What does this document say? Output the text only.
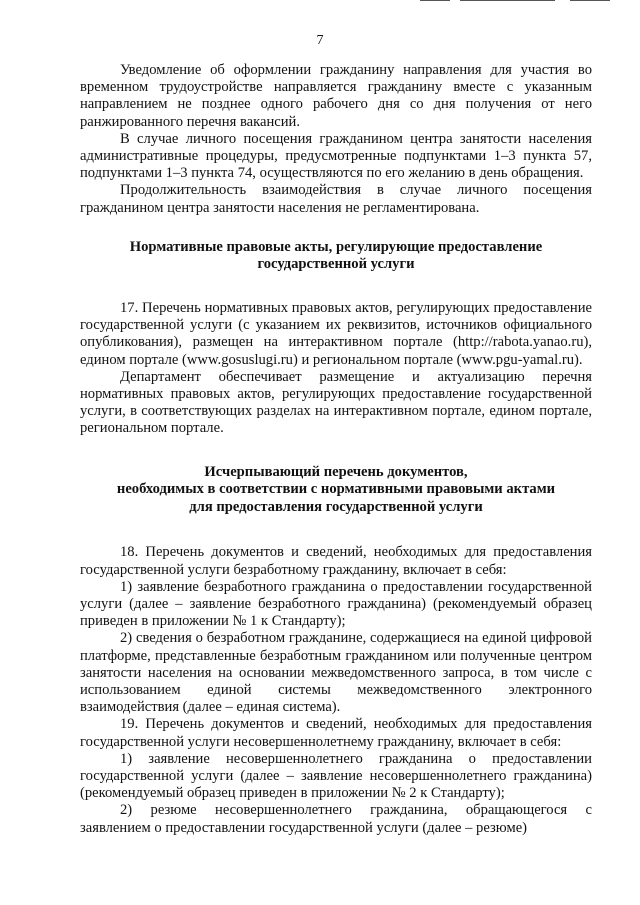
7

Уведомление об оформлении гражданину направления для участия во временном трудоустройстве направляется гражданину вместе с указанным направлением не позднее одного рабочего дня со дня получения от него ранжированного перечня вакансий.

В случае личного посещения гражданином центра занятости населения административные процедуры, предусмотренные подпунктами 1–3 пункта 57, подпунктами 1–3 пункта 74, осуществляются по его желанию в день обращения.

Продолжительность взаимодействия в случае личного посещения гражданином центра занятости населения не регламентирована.

Нормативные правовые акты, регулирующие предоставление
государственной услуги

17. Перечень нормативных правовых актов, регулирующих предоставление государственной услуги (с указанием их реквизитов, источников официального опубликования), размещен на интерактивном портале (http://rabota.yanao.ru), едином портале (www.gosuslugi.ru) и региональном портале (www.pgu-yamal.ru).

Департамент обеспечивает размещение и актуализацию перечня нормативных правовых актов, регулирующих предоставление государственной услуги, в соответствующих разделах на интерактивном портале, едином портале, региональном портале.

Исчерпывающий перечень документов,
необходимых в соответствии с нормативными правовыми актами
для предоставления государственной услуги

18. Перечень документов и сведений, необходимых для предоставления государственной услуги безработному гражданину, включает в себя:

1) заявление безработного гражданина о предоставлении государственной услуги (далее – заявление безработного гражданина) (рекомендуемый образец приведен в приложении № 1 к Стандарту);

2) сведения о безработном гражданине, содержащиеся на единой цифровой платформе, представленные безработным гражданином или полученные центром занятости населения на основании межведомственного запроса, в том числе с использованием единой системы межведомственного электронного взаимодействия (далее – единая система).

19. Перечень документов и сведений, необходимых для предоставления государственной услуги несовершеннолетнему гражданину, включает в себя:

1) заявление несовершеннолетнего гражданина о предоставлении государственной услуги (далее – заявление несовершеннолетнего гражданина) (рекомендуемый образец приведен в приложении № 2 к Стандарту);

2) резюме несовершеннолетнего гражданина, обращающегося с заявлением о предоставлении государственной услуги (далее – резюме)
